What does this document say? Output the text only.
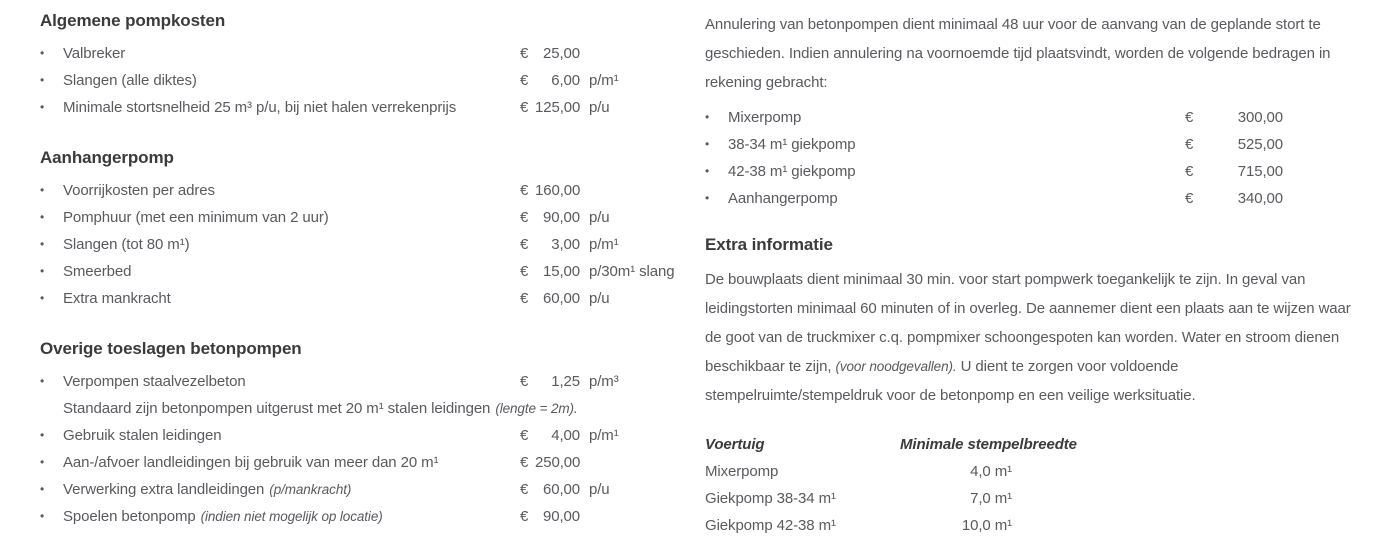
Algemene pompkosten
• Valbreker	€ 25,00
• Slangen (alle diktes)	€	6,00 p/m¹
• Minimale stortsnelheid 25 m³ p/u, bij niet halen verrekenprijs	€ 125,00 p/u
Aanhangerpomp
• Voorrijkosten per adres	€ 160,00
• Pomphuur (met een minimum van 2 uur)	€ 90,00 p/u
• Slangen (tot 80 m¹)	€	3,00 p/m¹
• Smeerbed	€ 15,00 p/30m¹ slang
• Extra mankracht	€ 60,00 p/u
Overige toeslagen betonpompen
• Verpompen staalvezelbeton	€	1,25 p/m³
Standaard zijn betonpompen uitgerust met 20 m¹ stalen leidingen (lengte = 2m).
• Gebruik stalen leidingen	€	4,00 p/m¹
• Aan-/afvoer landleidingen bij gebruik van meer dan 20 m¹	€ 250,00
• Verwerking extra landleidingen (p/mankracht)	€ 60,00 p/u
• Spoelen betonpomp (indien niet mogelijk op locatie)	€ 90,00

Annulering van betonpompen dient minimaal 48 uur voor de aanvang van de geplande stort te geschieden. Indien annulering na voornoemde tijd plaatsvindt, worden de volgende bedragen in rekening gebracht:

• Mixerpomp	€	300,00
• 38-34 m¹ giekpomp	€	525,00
• 42-38 m¹ giekpomp	€	715,00
• Aanhangerpomp	€	340,00
Extra informatie

De bouwplaats dient minimaal 30 min. voor start pompwerk toegankelijk te zijn. In geval van leidingstorten minimaal 60 minuten of in overleg. De aannemer dient een plaats aan te wijzen waar de goot van de truckmixer c.q. pompmixer schoongespoten kan worden. Water en stroom dienen beschikbaar te zijn, (voor noodgevallen). U dient te zorgen voor voldoende stempelruimte/stempeldruk voor de betonpomp en een veilige werksituatie.

Voertuig	Minimale stempelbreedte
Mixerpomp	4,0 m¹
Giekpomp 38-34 m¹	7,0 m¹
Giekpomp 42-38 m¹	10,0 m¹
